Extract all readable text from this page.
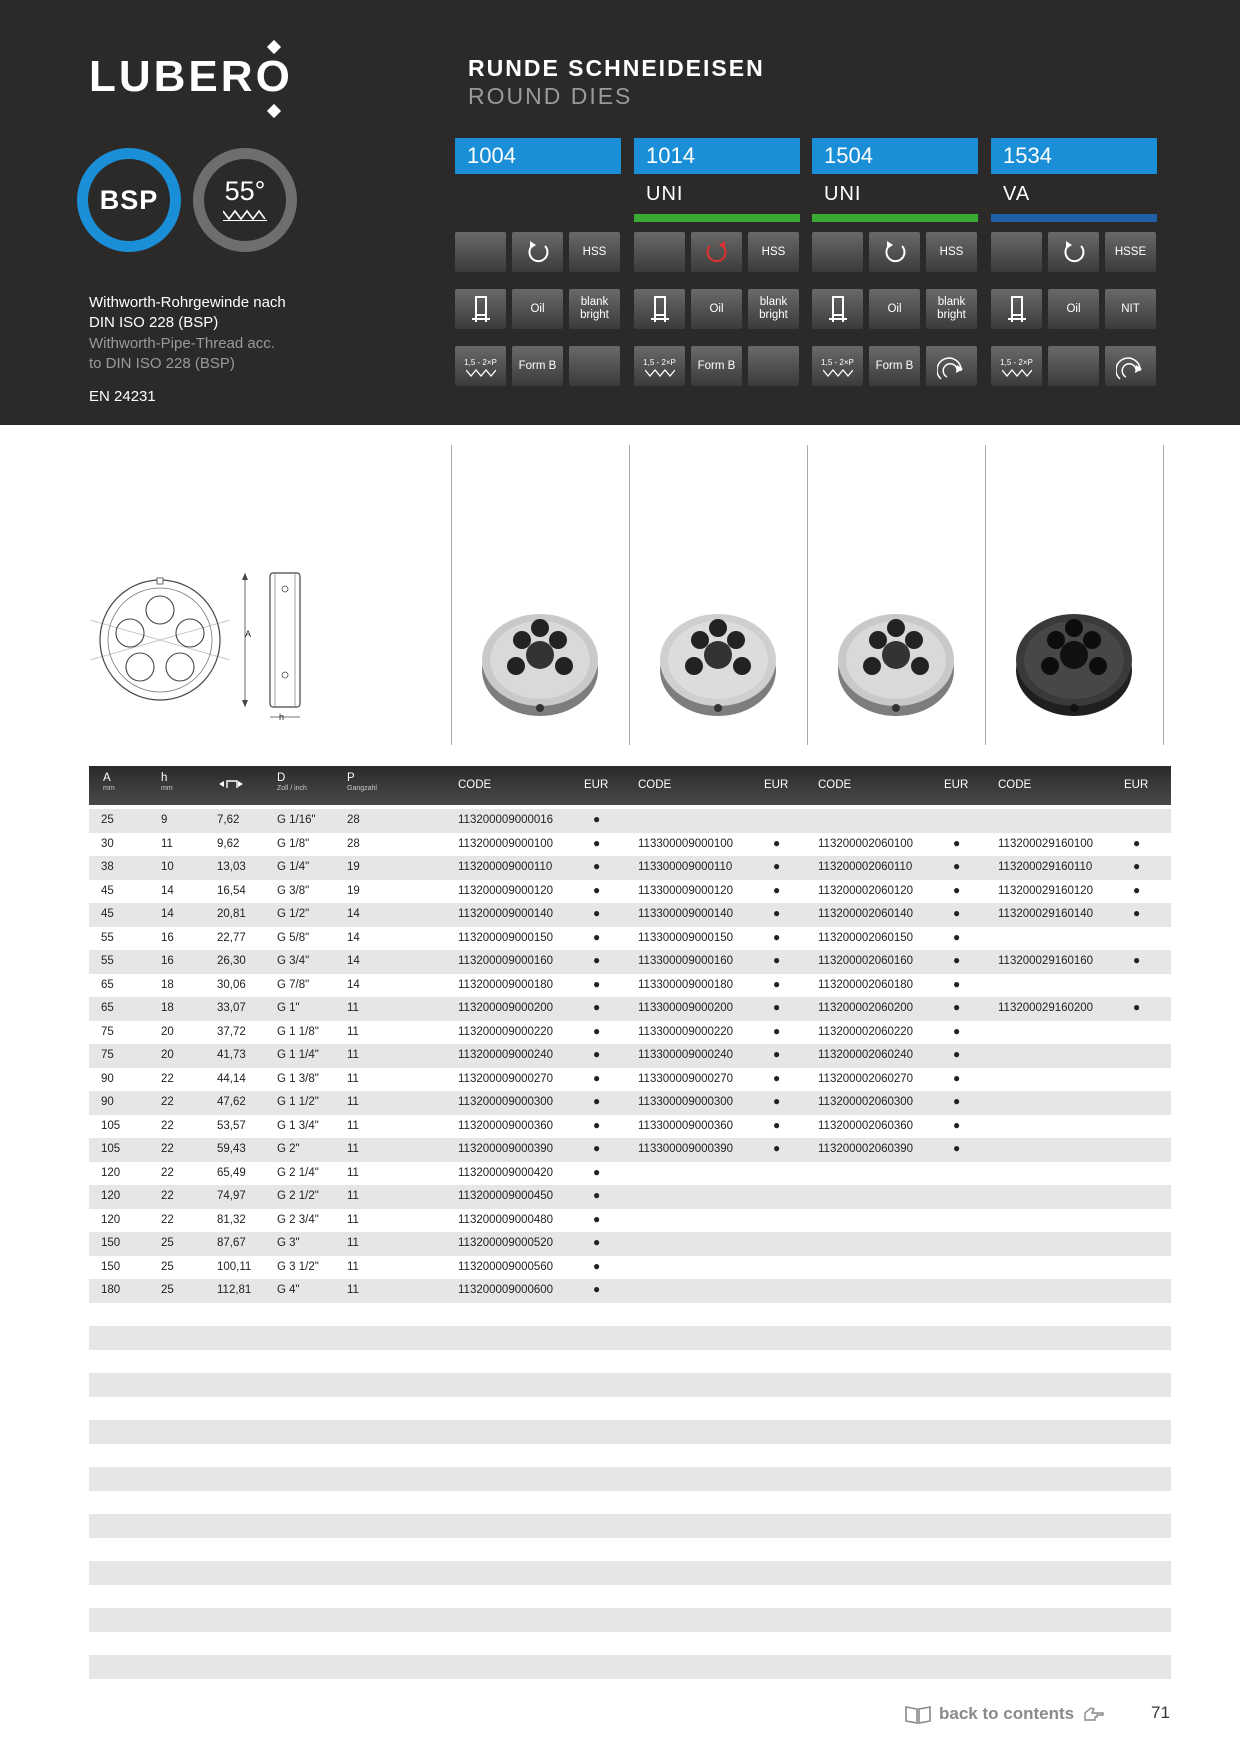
LUBERO	RUNDE SCHNEIDEISEN
ROUND DIES
BSP 55°
Withworth-Rohrgewinde nach
DIN ISO 228 (BSP)
Withworth-Pipe-Thread acc.
to DIN ISO 228 (BSP)
EN 24231
1004
HSS
Oil
blank bright
1,5 - 2×P	Form B
1014
UNI
HSS
Oil
blank bright
1,5 - 2×P	Form B
1504
UNI
HSS
Oil
blank bright
1,5 - 2×P	Form B
1534
VA
HSSE
Oil	NIT
1,5 - 2×P
A
h
A
mm
h
mm
D
Zoll / inch
P
Gangzahl	CODE	EUR	CODE	EUR	CODE	EUR	CODE	EUR
25	9	7,62	G 1/16"	28	113200009000016	●
30	11	9,62	G 1/8"	28	113200009000100	●	113300009000100	●	113200002060100	●	113200029160100	●
38	10	13,03	G 1/4"	19	113200009000110	●	113300009000110	●	113200002060110	●	113200029160110	●
45	14	16,54	G 3/8"	19	113200009000120	●	113300009000120	●	113200002060120	●	113200029160120	●
45	14	20,81	G 1/2"	14	113200009000140	●	113300009000140	●	113200002060140	●	113200029160140	●
55	16	22,77	G 5/8"	14	113200009000150	●	113300009000150	●	113200002060150	●
55	16	26,30	G 3/4"	14	113200009000160	●	113300009000160	●	113200002060160	●	113200029160160	●
65	18	30,06	G 7/8"	14	113200009000180	●	113300009000180	●	113200002060180	●
65	18	33,07	G 1"	11	113200009000200	●	113300009000200	●	113200002060200	●	113200029160200	●
75	20	37,72	G 1 1/8" 11	113200009000220	●	113300009000220	●	113200002060220	●
75	20	41,73	G 1 1/4" 11	113200009000240	●	113300009000240	●	113200002060240	●
90	22	44,14	G 1 3/8" 11	113200009000270	●	113300009000270	●	113200002060270	●
90	22	47,62	G 1 1/2" 11	113200009000300	●	113300009000300	●	113200002060300	●
105	22	53,57	G 1 3/4" 11	113200009000360	●	113300009000360	●	113200002060360	●
105	22	59,43	G 2"	11	113200009000390	●	113300009000390	●	113200002060390	●
120	22	65,49	G 2 1/4" 11	113200009000420	●
120	22	74,97	G 2 1/2" 11	113200009000450	●
120	22	81,32	G 2 3/4" 11	113200009000480	●
150	25	87,67	G 3"	11	113200009000520	●
150	25	100,11 G 3 1/2" 11	113200009000560	●
180	25	112,81 G 4"	11	113200009000600	●
back to contents	71
